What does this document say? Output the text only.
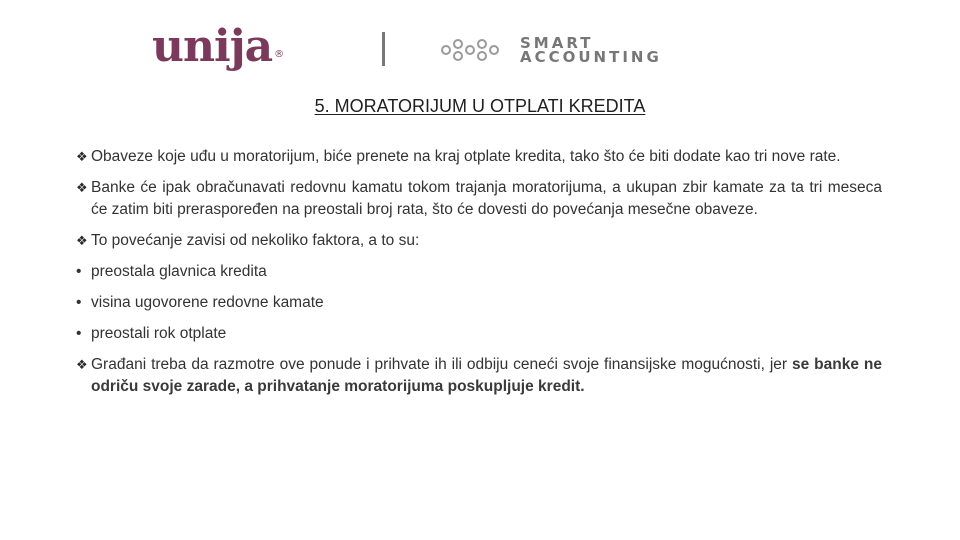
unija ®
SMART
ACCOUNTING
5. MORATORIJUM U OTPLATI KREDITA

❖ Obaveze koje uđu u moratorijum, biće prenete na kraj otplate kredita, tako što će biti dodate kao tri nove rate.

❖ Banke će ipak obračunavati redovnu kamatu tokom trajanja moratorijuma, a ukupan zbir kamate za ta tri meseca će zatim biti preraspoređen na preostali broj rata, što će dovesti do povećanja mesečne obaveze.

❖ To povećanje zavisi od nekoliko faktora, a to su:

• preostala glavnica kredita

• visina ugovorene redovne kamate

• preostali rok otplate

❖ Građani treba da razmotre ove ponude i prihvate ih ili odbiju ceneći svoje finansijske mogućnosti, jer se banke ne odriču svoje zarade, a prihvatanje moratorijuma poskupljuje kredit.
